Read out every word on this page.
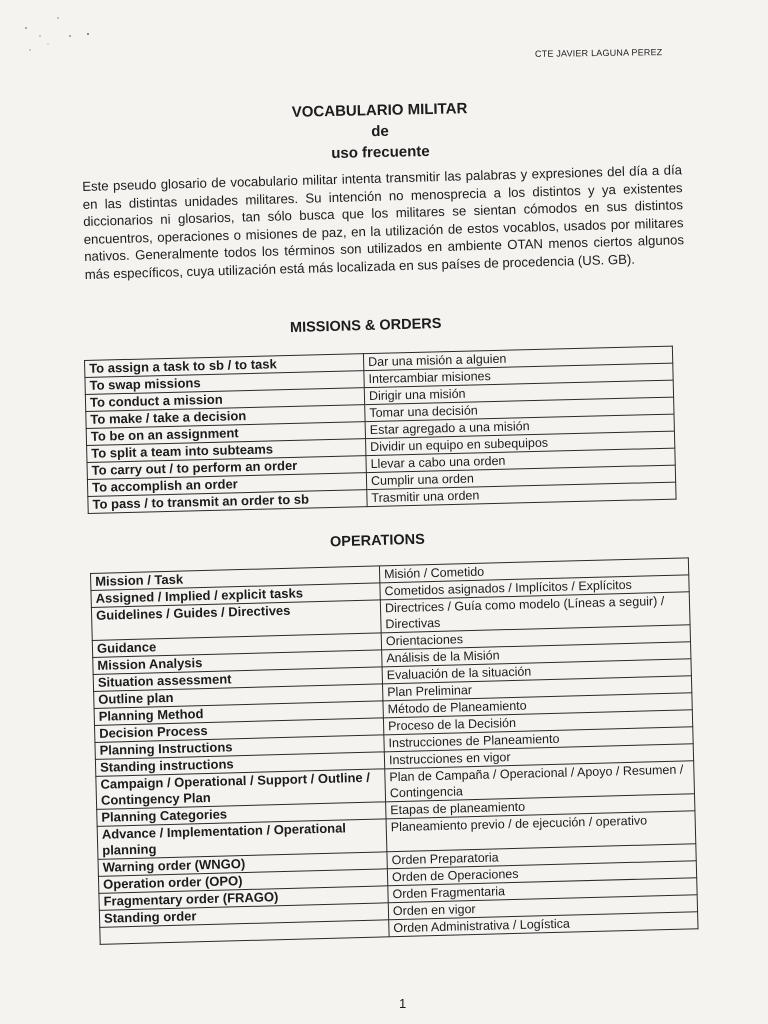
CTE JAVIER LAGUNA PEREZ
VOCABULARIO MILITAR
de
uso frecuente
Este pseudo glosario de vocabulario militar intenta transmitir las palabras y expresiones del día a día en las distintas unidades militares. Su intención no menosprecia a los distintos y ya existentes diccionarios ni glosarios, tan sólo busca que los militares se sientan cómodos en sus distintos encuentros, operaciones o misiones de paz, en la utilización de estos vocablos, usados por militares nativos. Generalmente todos los términos son utilizados en ambiente OTAN menos ciertos algunos más específicos, cuya utilización está más localizada en sus países de procedencia (US. GB).
MISSIONS & ORDERS
To assign a task to sb / to task	Dar una misión a alguien
To swap missions	Intercambiar misiones
To conduct a mission	Dirigir una misión
To make / take a decision	Tomar una decisión
To be on an assignment	Estar agregado a una misión
To split a team into subteams	Dividir un equipo en subequipos
To carry out / to perform an order	Llevar a cabo una orden
To accomplish an order	Cumplir una orden
To pass / to transmit an order to sb	Trasmitir una orden
OPERATIONS
Mission / Task	Misión / Cometido
Assigned / Implied / explicit tasks	Cometidos asignados / Implícitos / Explícitos
Guidelines / Guides / Directives	Directrices / Guía como modelo (Líneas a seguir) / Directivas
Guidance	Orientaciones
Mission Analysis	Análisis de la Misión
Situation assessment	Evaluación de la situación
Outline plan	Plan Preliminar
Planning Method	Método de Planeamiento
Decision Process	Proceso de la Decisión
Planning Instructions	Instrucciones de Planeamiento
Standing instructions	Instrucciones en vigor
Campaign / Operational / Support / Outline / Contingency Plan	Plan de Campaña / Operacional / Apoyo / Resumen / Contingencia
Planning Categories	Etapas de planeamiento
Advance / Implementation / Operational planning	Planeamiento previo / de ejecución / operativo
Warning order (WNGO)	Orden Preparatoria
Operation order (OPO)	Orden de Operaciones
Fragmentary order (FRAGO)	Orden Fragmentaria
Standing order	Orden en vigor
	Orden Administrativa / Logística
1
